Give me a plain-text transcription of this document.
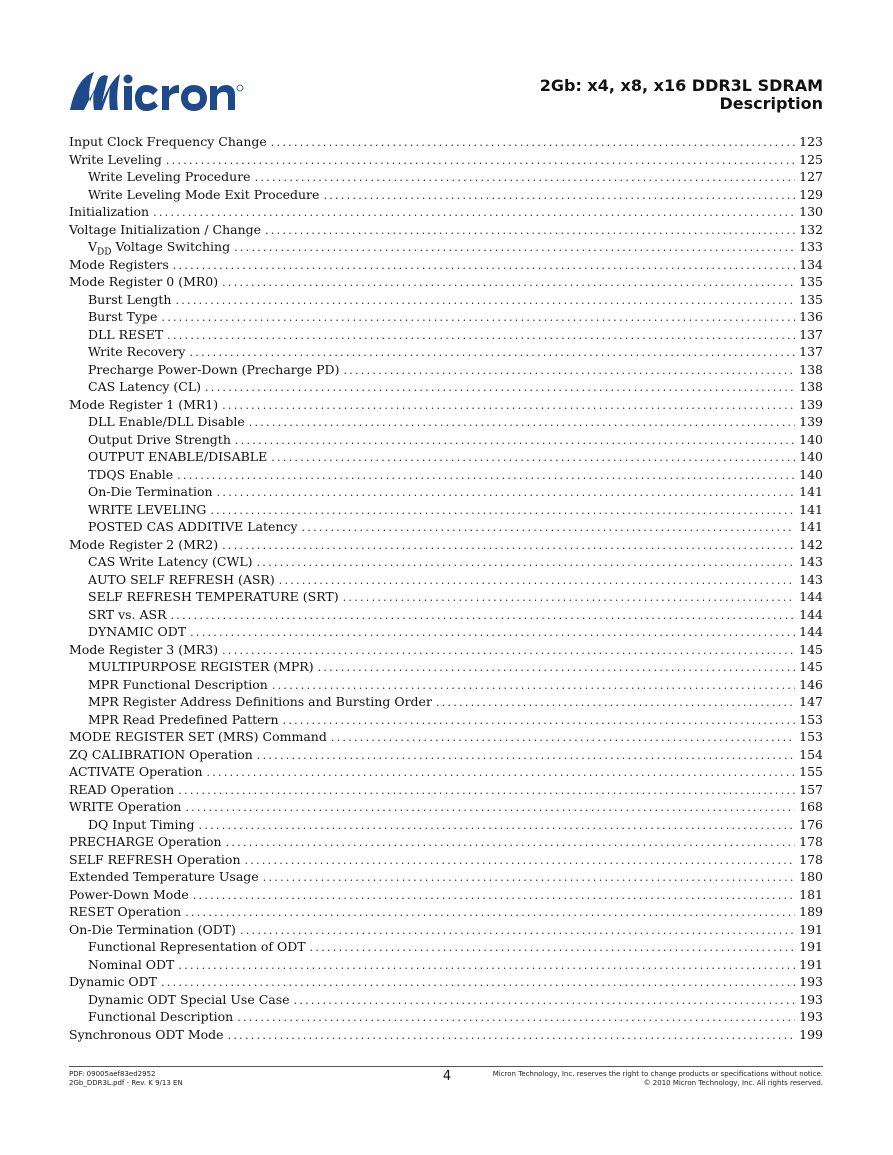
2Gb: x4, x8, x16 DDR3L SDRAM
Description
Input Clock Frequency Change . . .	123
Write Leveling . . .	125
Write Leveling Procedure . . .	127
Write Leveling Mode Exit Procedure . . .	129
Initialization . . .	130
Voltage Initialization / Change . . .	132
$V_{DD}$ Voltage Switching . . .	133
Mode Registers . . .	134
Mode Register 0 (MR0) . . .	135
Burst Length . . .	135
Burst Type . . .	136
DLL RESET . . .	137
Write Recovery . . .	137
Precharge Power-Down (Precharge PD) . . .	138
CAS Latency (CL) . . .	138
Mode Register 1 (MR1) . . .	139
DLL Enable/DLL Disable . . .	139
Output Drive Strength . . .	140
OUTPUT ENABLE/DISABLE . . .	140
TDQS Enable . . .	140
On-Die Termination . . .	141
WRITE LEVELING . . .	141
POSTED CAS ADDITIVE Latency . . .	141
Mode Register 2 (MR2) . . .	142
CAS Write Latency (CWL) . . .	143
AUTO SELF REFRESH (ASR) . . .	143
SELF REFRESH TEMPERATURE (SRT) . . .	144
SRT vs. ASR . . .	144
DYNAMIC ODT . . .	144
Mode Register 3 (MR3) . . .	145
MULTIPURPOSE REGISTER (MPR) . . .	145
MPR Functional Description . . .	146
MPR Register Address Definitions and Bursting Order . . .	147
MPR Read Predefined Pattern . . .	153
MODE REGISTER SET (MRS) Command . . .	153
ZQ CALIBRATION Operation . . .	154
ACTIVATE Operation . . .	155
READ Operation . . .	157
WRITE Operation . . .	168
DQ Input Timing . . .	176
PRECHARGE Operation . . .	178
SELF REFRESH Operation . . .	178
Extended Temperature Usage . . .	180
Power-Down Mode . . .	181
RESET Operation . . .	189
On-Die Termination (ODT) . . .	191
Functional Representation of ODT . . .	191
Nominal ODT . . .	191
Dynamic ODT . . .	193
Dynamic ODT Special Use Case . . .	193
Functional Description . . .	193
Synchronous ODT Mode . . .	199
PDF: 09005aef83ed2952
2Gb_DDR3L.pdf - Rev. K 9/13 EN	4	Micron Technology, Inc. reserves the right to change products or specifications without notice.
© 2010 Micron Technology, Inc. All rights reserved.
